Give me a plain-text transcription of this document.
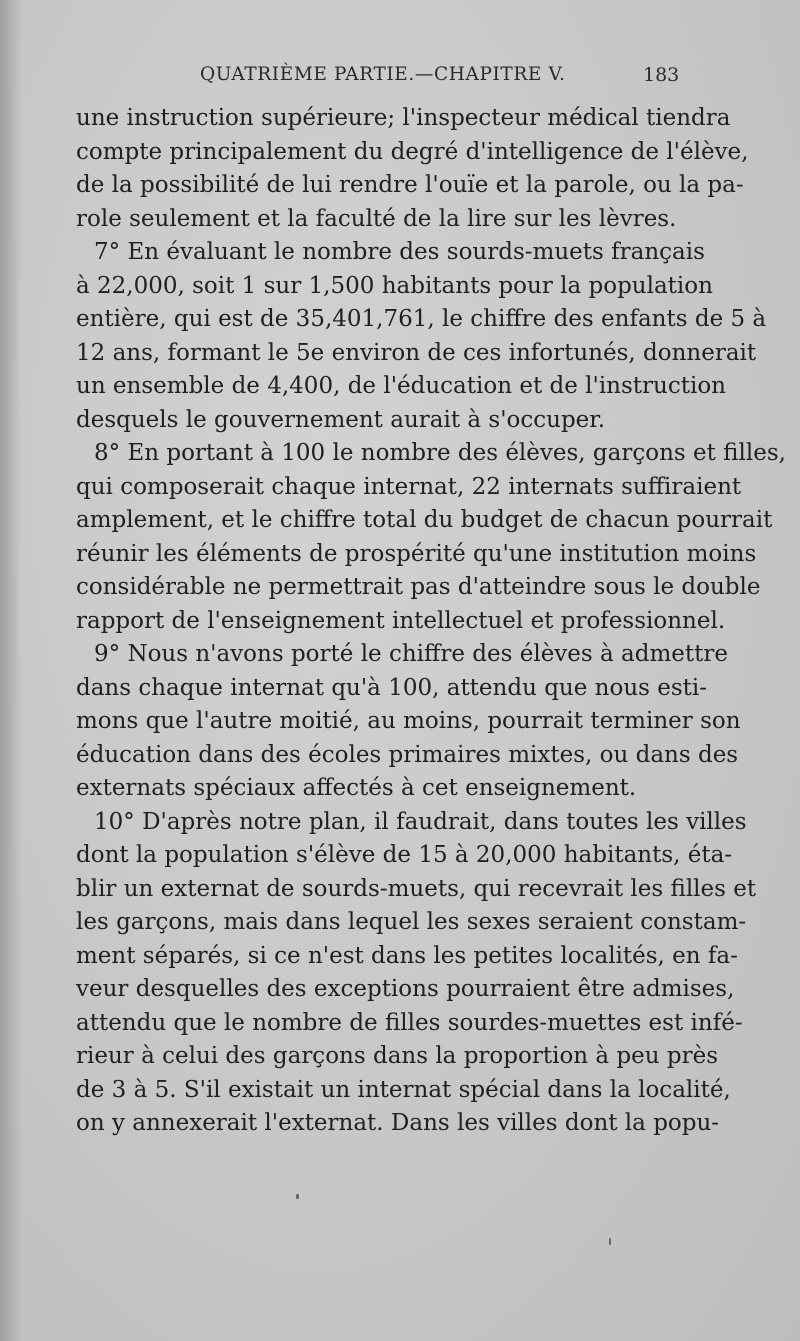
QUATRIÈME PARTIE.—CHAPITRE V.	183
une instruction supérieure; l'inspecteur médical tiendra
compte principalement du degré d'intelligence de l'élève,
de la possibilité de lui rendre l'ouïe et la parole, ou la pa-
role seulement et la faculté de la lire sur les lèvres.
7° En évaluant le nombre des sourds-muets français
à 22,000, soit 1 sur 1,500 habitants pour la population
entière, qui est de 35,401,761, le chiffre des enfants de 5 à
12 ans, formant le 5e environ de ces infortunés, donnerait
un ensemble de 4,400, de l'éducation et de l'instruction
desquels le gouvernement aurait à s'occuper.
8° En portant à 100 le nombre des élèves, garçons et filles,
qui composerait chaque internat, 22 internats suffiraient
amplement, et le chiffre total du budget de chacun pourrait
réunir les éléments de prospérité qu'une institution moins
considérable ne permettrait pas d'atteindre sous le double
rapport de l'enseignement intellectuel et professionnel.
9° Nous n'avons porté le chiffre des élèves à admettre
dans chaque internat qu'à 100, attendu que nous esti-
mons que l'autre moitié, au moins, pourrait terminer son
éducation dans des écoles primaires mixtes, ou dans des
externats spéciaux affectés à cet enseignement.
10° D'après notre plan, il faudrait, dans toutes les villes
dont la population s'élève de 15 à 20,000 habitants, éta-
blir un externat de sourds-muets, qui recevrait les filles et
les garçons, mais dans lequel les sexes seraient constam-
ment séparés, si ce n'est dans les petites localités, en fa-
veur desquelles des exceptions pourraient être admises,
attendu que le nombre de filles sourdes-muettes est infé-
rieur à celui des garçons dans la proportion à peu près
de 3 à 5. S'il existait un internat spécial dans la localité,
on y annexerait l'externat. Dans les villes dont la popu-
